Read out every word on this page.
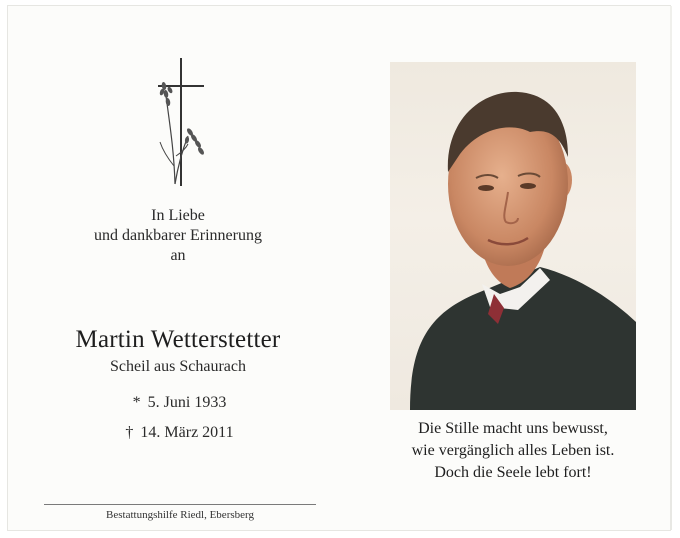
In Liebe
und dankbarer Erinnerung
an
Martin Wetterstetter
Scheil aus Schaurach
* 5. Juni 1933
† 14. März 2011
Bestattungshilfe Riedl, Ebersberg
Die Stille macht uns bewusst,
wie vergänglich alles Leben ist.
Doch die Seele lebt fort!
